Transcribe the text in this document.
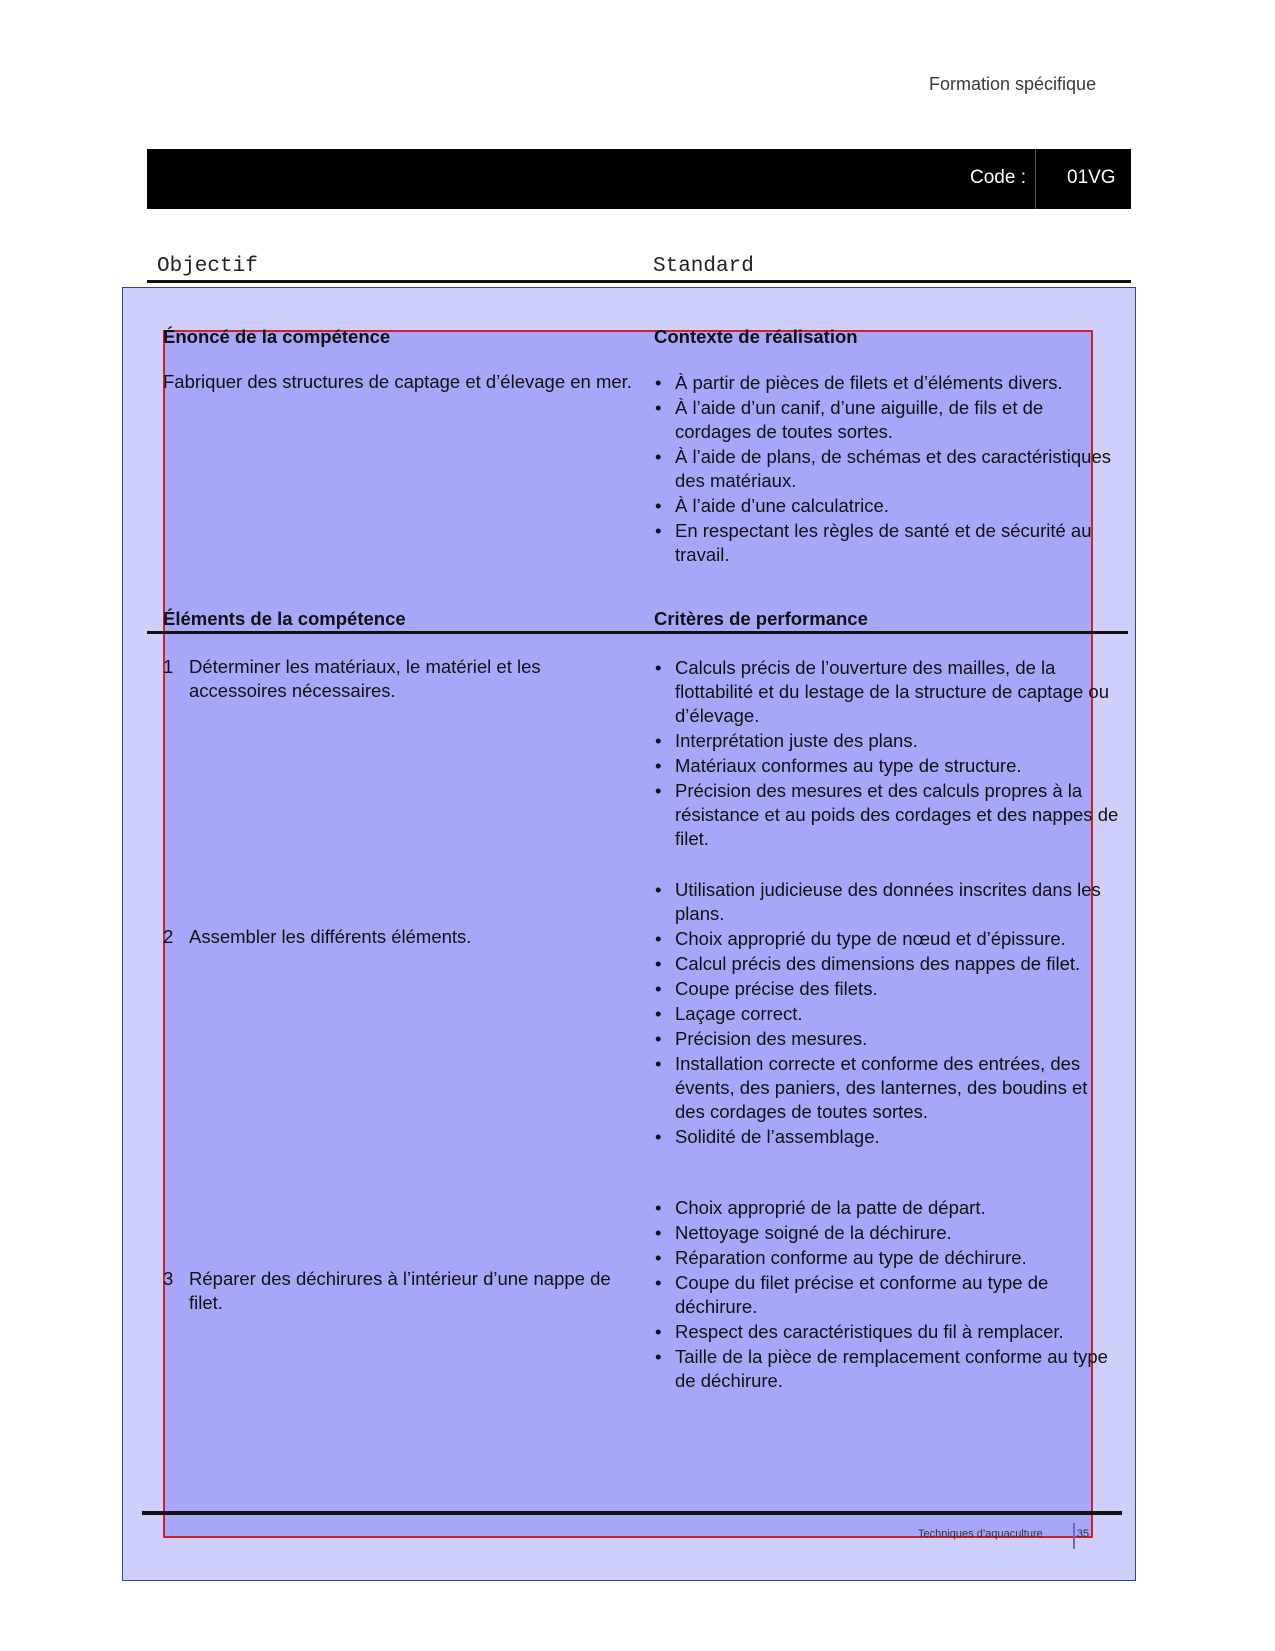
Formation spécifique
Code : 01VG
Objectif	Standard
Énoncé de la compétence	Contexte de réalisation
Fabriquer des structures de captage et d’élevage en mer.
•	À partir de pièces de filets et d’éléments divers.
• À l’aide d’un canif, d’une aiguille, de fils et de cordages de toutes sortes.
• À l’aide de plans, de schémas et des caractéristiques des matériaux.
• À l’aide d’une calculatrice.
• En respectant les règles de santé et de sécurité au travail.
Éléments de la compétence	Critères de performance
1 Déterminer les matériaux, le matériel et les accessoires nécessaires.
• Calculs précis de l’ouverture des mailles, de la flottabilité et du lestage de la structure de captage ou d’élevage.
• Interprétation juste des plans.
• Matériaux conformes au type de structure.
• Précision des mesures et des calculs propres à la résistance et au poids des cordages et des nappes de filet.
2 Assembler les différents éléments.
• Utilisation judicieuse des données inscrites dans les plans.
• Choix approprié du type de nœud et d’épissure.
• Calcul précis des dimensions des nappes de filet.
• Coupe précise des filets.
• Laçage correct.
• Précision des mesures.
• Installation correcte et conforme des entrées, des évents, des paniers, des lanternes, des boudins et des cordages de toutes sortes.
• Solidité de l’assemblage.
3 Réparer des déchirures à l’intérieur d’une nappe de filet.
• Choix approprié de la patte de départ.
• Nettoyage soigné de la déchirure.
• Réparation conforme au type de déchirure.
• Coupe du filet précise et conforme au type de déchirure.
• Respect des caractéristiques du fil à remplacer.
• Taille de la pièce de remplacement conforme au type de déchirure.
Techniques d’aquaculture	35
